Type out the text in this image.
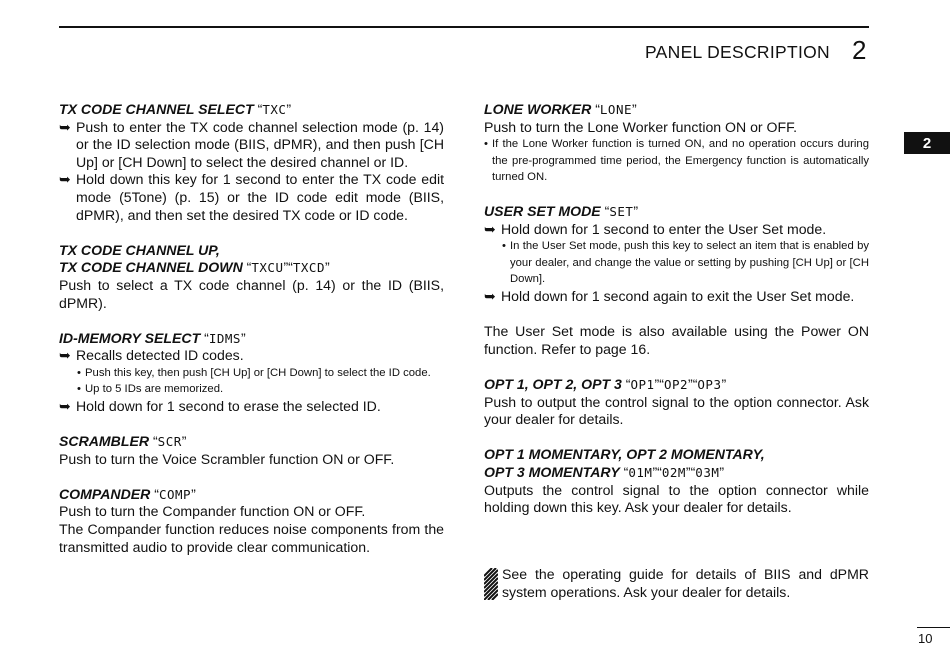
PANEL DESCRIPTION 2
2
10
TX CODE CHANNEL SELECT “TXC”
➥ Push to enter the TX code channel selection mode (p. 14) or the ID selection mode (BIIS, dPMR), and then push [CH Up] or [CH Down] to select the desired channel or ID.
➥ Hold down this key for 1 second to enter the TX code edit mode (5Tone) (p. 15) or the ID code edit mode (BIIS, dPMR), and then set the desired TX code or ID code.
TX CODE CHANNEL UP,
TX CODE CHANNEL DOWN “TXCU”“TXCD”
Push to select a TX code channel (p. 14) or the ID (BIIS, dPMR).
ID-MEMORY SELECT “IDMS”
➥ Recalls detected ID codes.
• Push this key, then push [CH Up] or [CH Down] to select the ID code.
• Up to 5 IDs are memorized.
➥ Hold down for 1 second to erase the selected ID.
SCRAMBLER “SCR”
Push to turn the Voice Scrambler function ON or OFF.
COMPANDER “COMP”
Push to turn the Compander function ON or OFF.
The Compander function reduces noise components from the transmitted audio to provide clear communication.
LONE WORKER “LONE”
Push to turn the Lone Worker function ON or OFF.
• If the Lone Worker function is turned ON, and no operation occurs during the pre-programmed time period, the Emergency function is automatically turned ON.
USER SET MODE “SET”
➥ Hold down for 1 second to enter the User Set mode.
• In the User Set mode, push this key to select an item that is enabled by your dealer, and change the value or setting by pushing [CH Up] or [CH Down].
➥ Hold down for 1 second again to exit the User Set mode.
The User Set mode is also available using the Power ON function. Refer to page 16.
OPT 1, OPT 2, OPT 3 “OP1”“OP2”“OP3”
Push to output the control signal to the option connector. Ask your dealer for details.
OPT 1 MOMENTARY, OPT 2 MOMENTARY,
OPT 3 MOMENTARY “01M”“02M”“03M”
Outputs the control signal to the option connector while holding down this key. Ask your dealer for details.
See the operating guide for details of BIIS and dPMR system operations. Ask your dealer for details.
